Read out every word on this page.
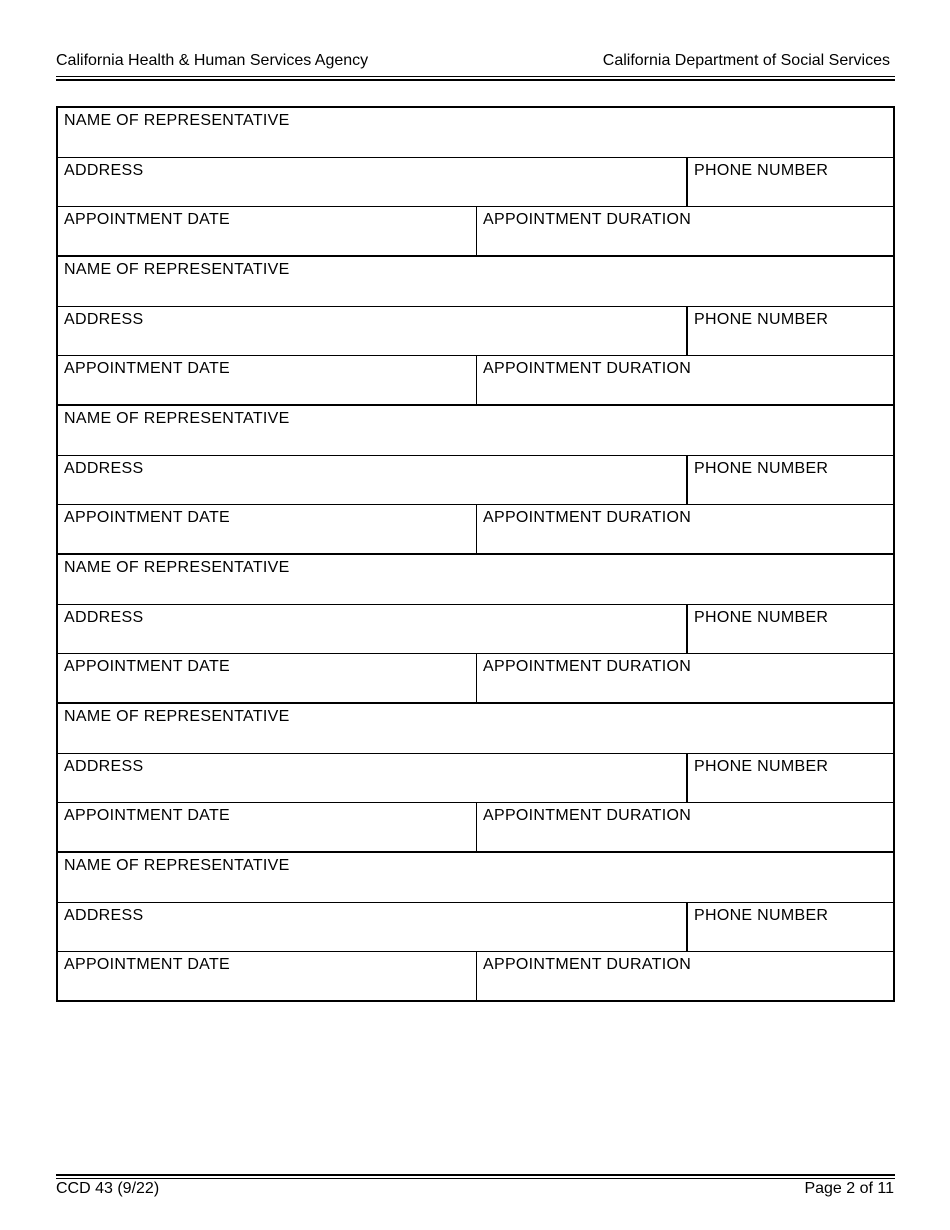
California Health & Human Services Agency	California Department of Social Services
NAME OF REPRESENTATIVE
ADDRESS	PHONE NUMBER
APPOINTMENT DATE	APPOINTMENT DURATION
NAME OF REPRESENTATIVE
ADDRESS	PHONE NUMBER
APPOINTMENT DATE	APPOINTMENT DURATION
NAME OF REPRESENTATIVE
ADDRESS	PHONE NUMBER
APPOINTMENT DATE	APPOINTMENT DURATION
NAME OF REPRESENTATIVE
ADDRESS	PHONE NUMBER
APPOINTMENT DATE	APPOINTMENT DURATION
NAME OF REPRESENTATIVE
ADDRESS	PHONE NUMBER
APPOINTMENT DATE	APPOINTMENT DURATION
NAME OF REPRESENTATIVE
ADDRESS	PHONE NUMBER
APPOINTMENT DATE	APPOINTMENT DURATION
CCD 43 (9/22)	Page 2 of 11
